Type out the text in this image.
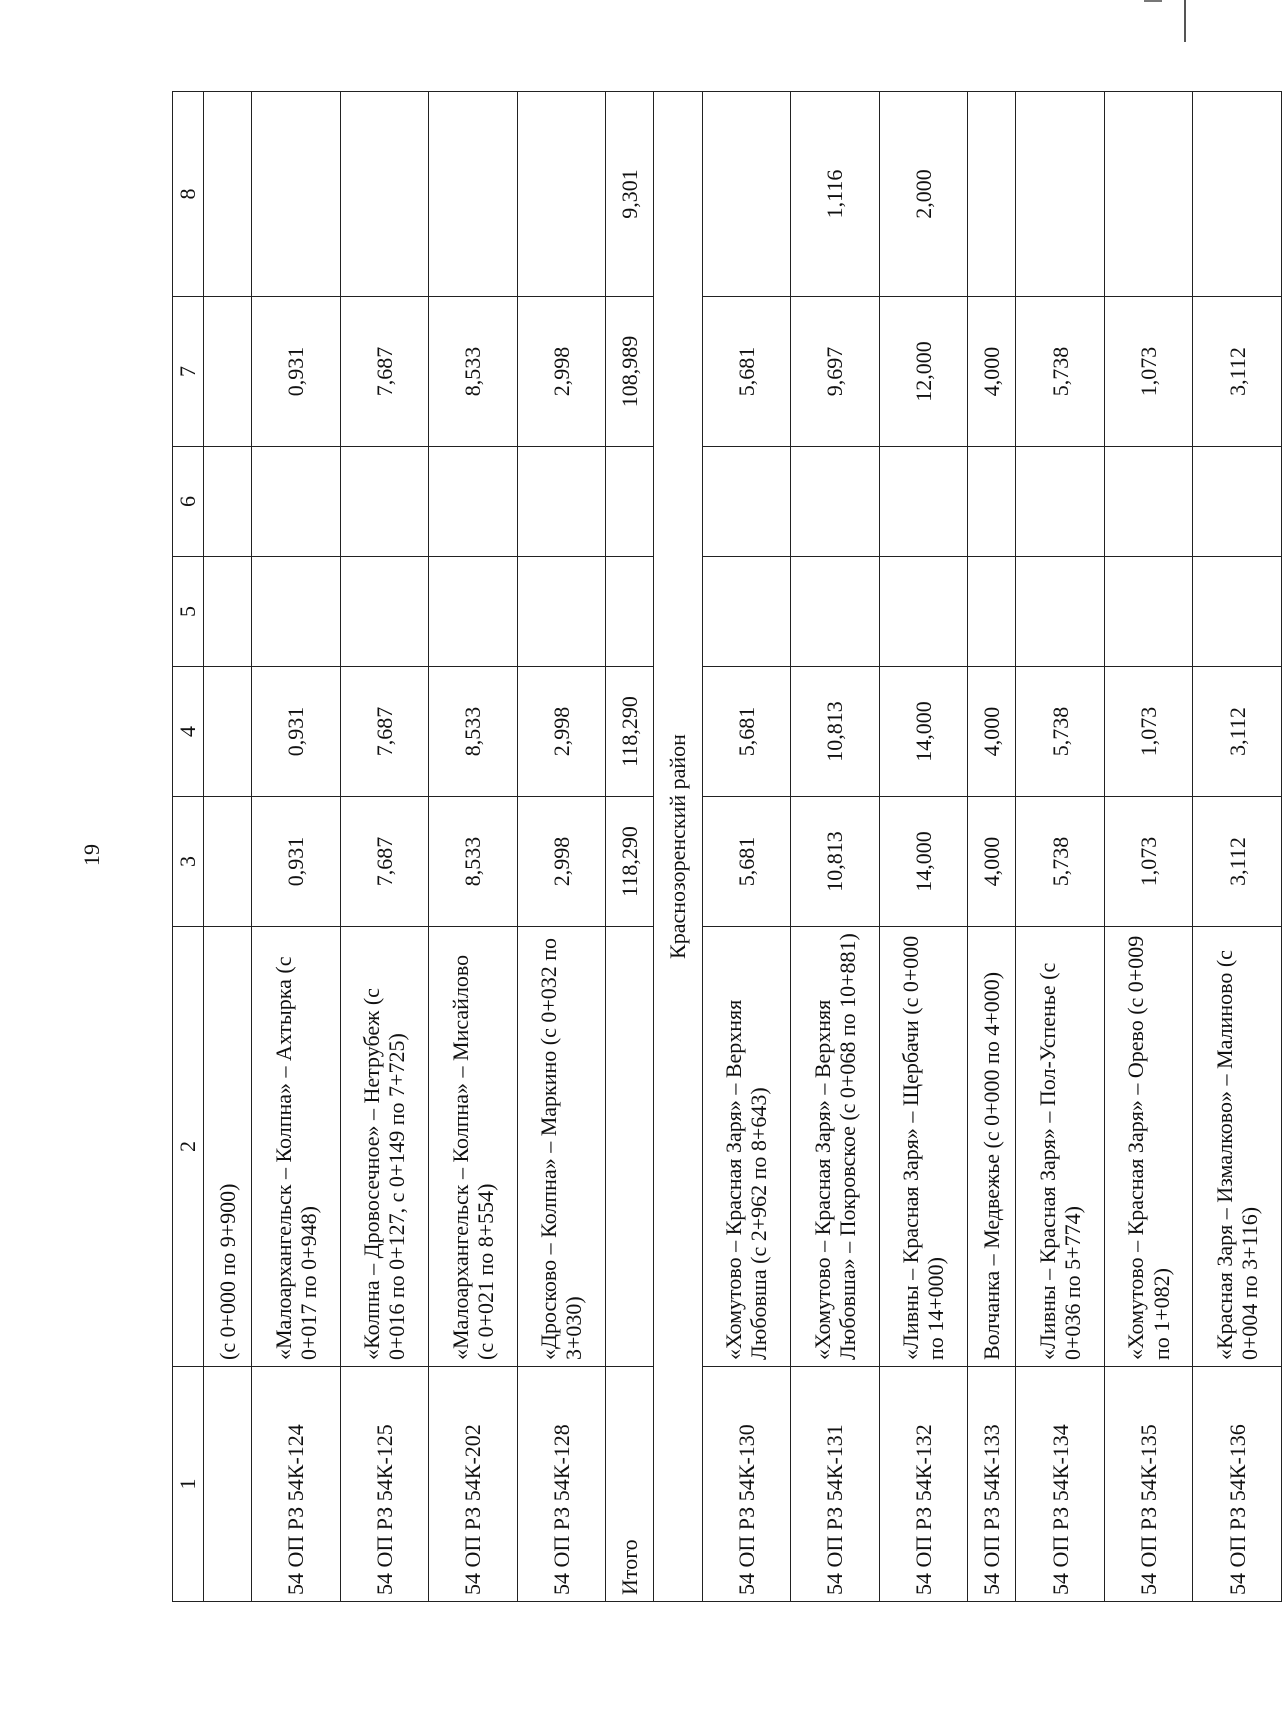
19
1	2	3	4	5	6	7	8
	(с 0+000 по 9+900)						
54 ОП РЗ 54К-124	«Малоархангельск – Колпна» – Ахтырка (с 0+017 по 0+948)	0,931	0,931			0,931	
54 ОП РЗ 54К-125	«Колпна – Дровосечное» – Нетрубеж (с 0+016 по 0+127, с 0+149 по 7+725)	7,687	7,687			7,687	
54 ОП РЗ 54К-202	«Малоархангельск – Колпна» – Мисайлово (с 0+021 по 8+554)	8,533	8,533			8,533	
54 ОП РЗ 54К-128	«Дросково – Колпна» – Маркино (с 0+032 по 3+030)	2,998	2,998			2,998	
Итого		118,290	118,290			108,989	9,301
Краснозоренский район							
54 ОП РЗ 54К-130	«Хомутово – Красная Заря» – Верхняя Любовша (с 2+962 по 8+643)	5,681	5,681			5,681	
54 ОП РЗ 54К-131	«Хомутово – Красная Заря» – Верхняя Любовша» – Покровское (с 0+068 по 10+881)	10,813	10,813			9,697	1,116
54 ОП РЗ 54К-132	«Ливны – Красная Заря» – Щербачи (с 0+000 по 14+000)	14,000	14,000			12,000	2,000
54 ОП РЗ 54К-133	Волчанка – Медвежье (с 0+000 по 4+000)	4,000	4,000			4,000	
54 ОП РЗ 54К-134	«Ливны – Красная Заря» – Пол-Успенье (с 0+036 по 5+774)	5,738	5,738			5,738	
54 ОП РЗ 54К-135	«Хомутово – Красная Заря» – Орево (с 0+009 по 1+082)	1,073	1,073			1,073	
54 ОП РЗ 54К-136	«Красная Заря – Измалково» – Малиново (с 0+004 по 3+116)	3,112	3,112			3,112	
